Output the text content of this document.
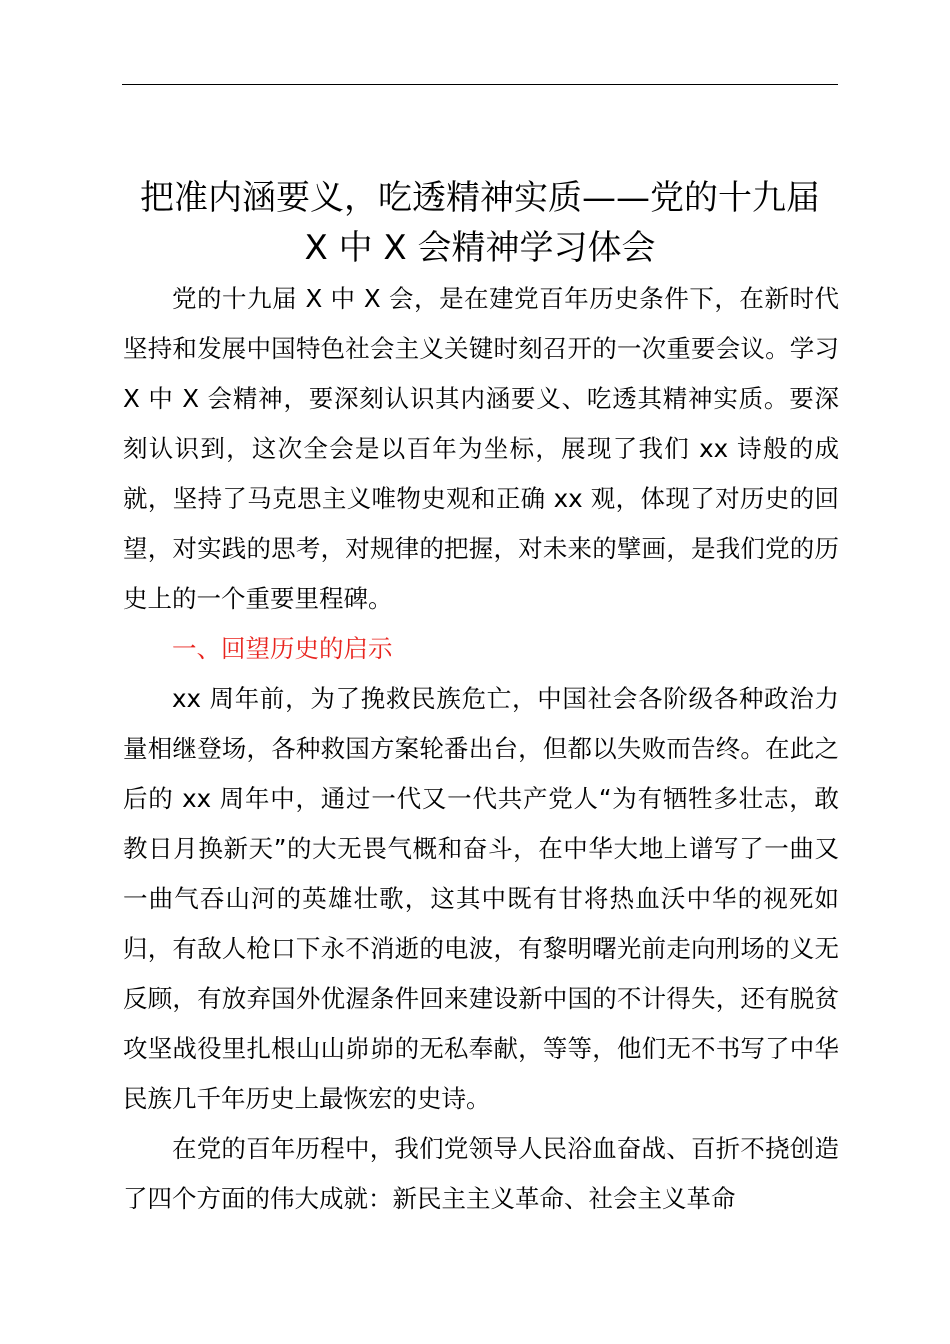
把准内涵要义，吃透精神实质——党的十九届
X 中 X 会精神学习体会

党的十九届 X 中 X 会，是在建党百年历史条件下，在新时代坚持和发展中国特色社会主义关键时刻召开的一次重要会议。学习 X 中 X 会精神，要深刻认识其内涵要义、吃透其精神实质。要深刻认识到，这次全会是以百年为坐标，展现了我们 xx 诗般的成就，坚持了马克思主义唯物史观和正确 xx 观，体现了对历史的回望，对实践的思考，对规律的把握，对未来的擘画，是我们党的历史上的一个重要里程碑。

一、回望历史的启示

xx 周年前，为了挽救民族危亡，中国社会各阶级各种政治力量相继登场，各种救国方案轮番出台，但都以失败而告终。在此之后的 xx 周年中，通过一代又一代共产党人“为有牺牲多壮志，敢教日月换新天”的大无畏气概和奋斗，在中华大地上谱写了一曲又一曲气吞山河的英雄壮歌，这其中既有甘将热血沃中华的视死如归，有敌人枪口下永不消逝的电波，有黎明曙光前走向刑场的义无反顾，有放弃国外优渥条件回来建设新中国的不计得失，还有脱贫攻坚战役里扎根山山峁峁的无私奉献，等等，他们无不书写了中华民族几千年历史上最恢宏的史诗。

在党的百年历程中，我们党领导人民浴血奋战、百折不挠创造了四个方面的伟大成就：新民主主义革命、社会主义革命
